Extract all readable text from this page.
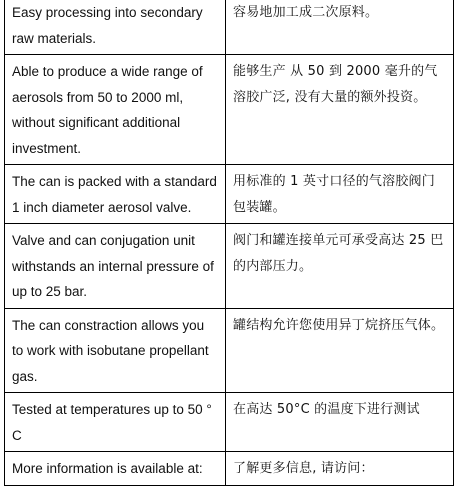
Easy processing into secondary raw materials.	容易地加工成二次原料。
Able to produce a wide range of aerosols from 50 to 2000 ml, without significant additional investment.	能够生产 从 50 到 2000 毫升的气溶胶广泛, 没有大量的额外投资。
The can is packed with a standard 1 inch diameter aerosol valve.	用标准的 1 英寸口径的气溶胶阀门包装罐。
Valve and can conjugation unit withstands an internal pressure of up to 25 bar.	阀门和罐连接单元可承受高达 25 巴的内部压力。
The can constraction allows you to work with isobutane propellant gas.	罐结构允许您使用异丁烷挤压气体。
Tested at temperatures up to 50 ° C	在高达 50°C 的温度下进行测试
More information is available at:	了解更多信息, 请访问：
